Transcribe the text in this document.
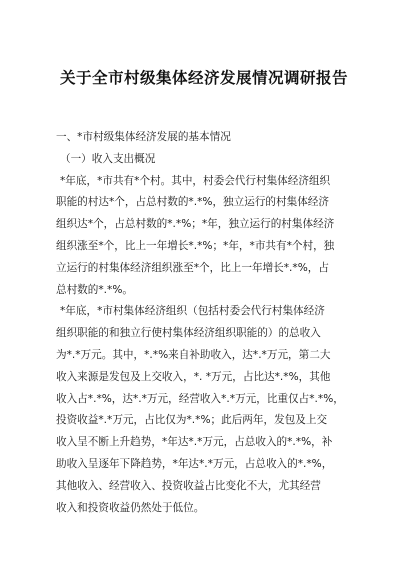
关于全市村级集体经济发展情况调研报告

一、*市村级集体经济发展的基本情况

（一）收入支出概况

*年底，*市共有*个村。其中，村委会代行村集体经济组织

职能的村达*个，占总村数的*.*%，独立运行的村集体经济

组织达*个，占总村数的*.*%；*年，独立运行的村集体经济

组织涨至*个，比上一年增长*.*%；*年，*市共有*个村，独

立运行的村集体经济组织涨至*个，比上一年增长*.*%，占

总村数的*.*%。

*年底，*市村集体经济组织（包括村委会代行村集体经济

组织职能的和独立行使村集体经济组织职能的）的总收入

为*.*万元。其中，*.*%来自补助收入，达*.*万元，第二大

收入来源是发包及上交收入，*. *万元，占比达*.*%，其他

收入占*.*%，达*.*万元，经营收入*.*万元，比重仅占*.*%，

投资收益*.*万元，占比仅为*.*%；此后两年，发包及上交

收入呈不断上升趋势，*年达*.*万元，占总收入的*.*%，补

助收入呈逐年下降趋势，*年达*.*万元，占总收入的*.*%，

其他收入、经营收入、投资收益占比变化不大，尤其经营

收入和投资收益仍然处于低位。
